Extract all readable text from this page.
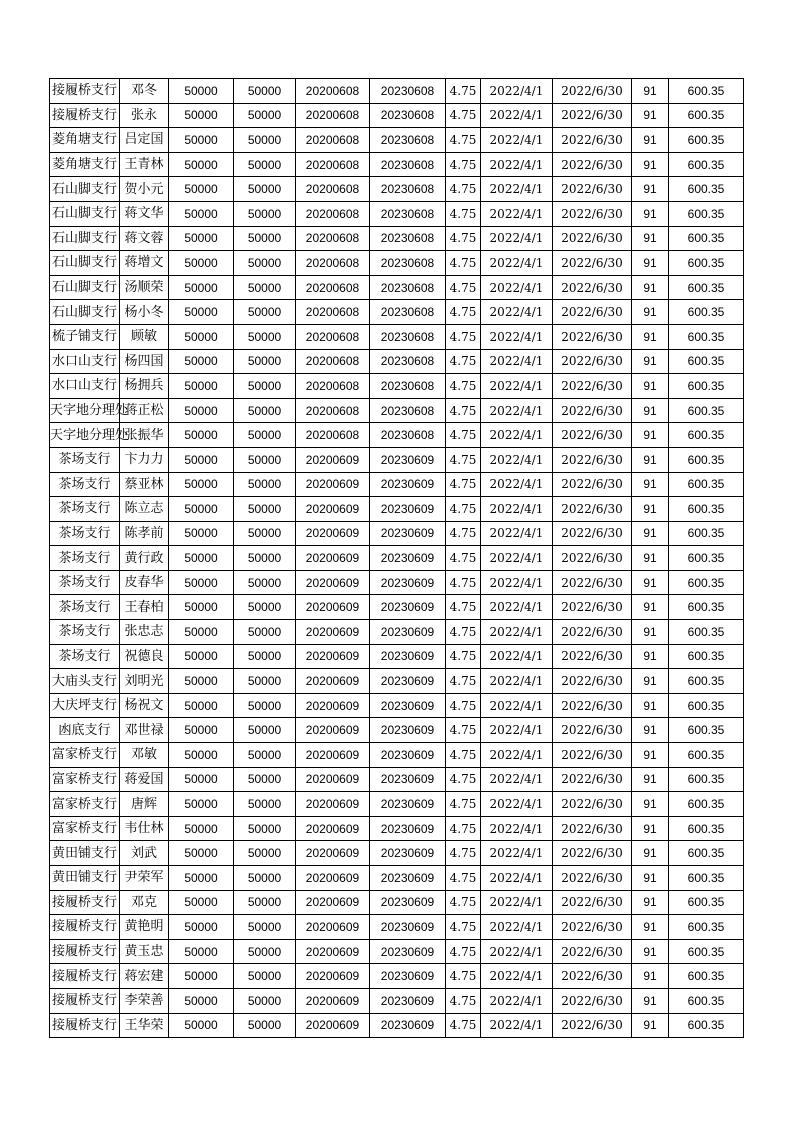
接履桥支行	邓冬	50000	50000	20200608	20230608	4.75	2022/4/1	2022/6/30	91	600.35
接履桥支行	张永	50000	50000	20200608	20230608	4.75	2022/4/1	2022/6/30	91	600.35
菱角塘支行	吕定国	50000	50000	20200608	20230608	4.75	2022/4/1	2022/6/30	91	600.35
菱角塘支行	王青林	50000	50000	20200608	20230608	4.75	2022/4/1	2022/6/30	91	600.35
石山脚支行	贺小元	50000	50000	20200608	20230608	4.75	2022/4/1	2022/6/30	91	600.35
石山脚支行	蒋文华	50000	50000	20200608	20230608	4.75	2022/4/1	2022/6/30	91	600.35
石山脚支行	蒋文蓉	50000	50000	20200608	20230608	4.75	2022/4/1	2022/6/30	91	600.35
石山脚支行	蒋增文	50000	50000	20200608	20230608	4.75	2022/4/1	2022/6/30	91	600.35
石山脚支行	汤顺荣	50000	50000	20200608	20230608	4.75	2022/4/1	2022/6/30	91	600.35
石山脚支行	杨小冬	50000	50000	20200608	20230608	4.75	2022/4/1	2022/6/30	91	600.35
梳子铺支行	顾敏	50000	50000	20200608	20230608	4.75	2022/4/1	2022/6/30	91	600.35
水口山支行	杨四国	50000	50000	20200608	20230608	4.75	2022/4/1	2022/6/30	91	600.35
水口山支行	杨拥兵	50000	50000	20200608	20230608	4.75	2022/4/1	2022/6/30	91	600.35
天字地分理处	蒋正松	50000	50000	20200608	20230608	4.75	2022/4/1	2022/6/30	91	600.35
天字地分理处	张振华	50000	50000	20200608	20230608	4.75	2022/4/1	2022/6/30	91	600.35
茶场支行	卞力力	50000	50000	20200609	20230609	4.75	2022/4/1	2022/6/30	91	600.35
茶场支行	蔡亚林	50000	50000	20200609	20230609	4.75	2022/4/1	2022/6/30	91	600.35
茶场支行	陈立志	50000	50000	20200609	20230609	4.75	2022/4/1	2022/6/30	91	600.35
茶场支行	陈孝前	50000	50000	20200609	20230609	4.75	2022/4/1	2022/6/30	91	600.35
茶场支行	黄行政	50000	50000	20200609	20230609	4.75	2022/4/1	2022/6/30	91	600.35
茶场支行	皮春华	50000	50000	20200609	20230609	4.75	2022/4/1	2022/6/30	91	600.35
茶场支行	王春柏	50000	50000	20200609	20230609	4.75	2022/4/1	2022/6/30	91	600.35
茶场支行	张忠志	50000	50000	20200609	20230609	4.75	2022/4/1	2022/6/30	91	600.35
茶场支行	祝德良	50000	50000	20200609	20230609	4.75	2022/4/1	2022/6/30	91	600.35
大庙头支行	刘明光	50000	50000	20200609	20230609	4.75	2022/4/1	2022/6/30	91	600.35
大庆坪支行	杨祝文	50000	50000	20200609	20230609	4.75	2022/4/1	2022/6/30	91	600.35
凼底支行	邓世禄	50000	50000	20200609	20230609	4.75	2022/4/1	2022/6/30	91	600.35
富家桥支行	邓敏	50000	50000	20200609	20230609	4.75	2022/4/1	2022/6/30	91	600.35
富家桥支行	蒋爱国	50000	50000	20200609	20230609	4.75	2022/4/1	2022/6/30	91	600.35
富家桥支行	唐辉	50000	50000	20200609	20230609	4.75	2022/4/1	2022/6/30	91	600.35
富家桥支行	韦仕林	50000	50000	20200609	20230609	4.75	2022/4/1	2022/6/30	91	600.35
黄田铺支行	刘武	50000	50000	20200609	20230609	4.75	2022/4/1	2022/6/30	91	600.35
黄田铺支行	尹荣军	50000	50000	20200609	20230609	4.75	2022/4/1	2022/6/30	91	600.35
接履桥支行	邓克	50000	50000	20200609	20230609	4.75	2022/4/1	2022/6/30	91	600.35
接履桥支行	黄艳明	50000	50000	20200609	20230609	4.75	2022/4/1	2022/6/30	91	600.35
接履桥支行	黄玉忠	50000	50000	20200609	20230609	4.75	2022/4/1	2022/6/30	91	600.35
接履桥支行	蒋宏建	50000	50000	20200609	20230609	4.75	2022/4/1	2022/6/30	91	600.35
接履桥支行	李荣善	50000	50000	20200609	20230609	4.75	2022/4/1	2022/6/30	91	600.35
接履桥支行	王华荣	50000	50000	20200609	20230609	4.75	2022/4/1	2022/6/30	91	600.35
